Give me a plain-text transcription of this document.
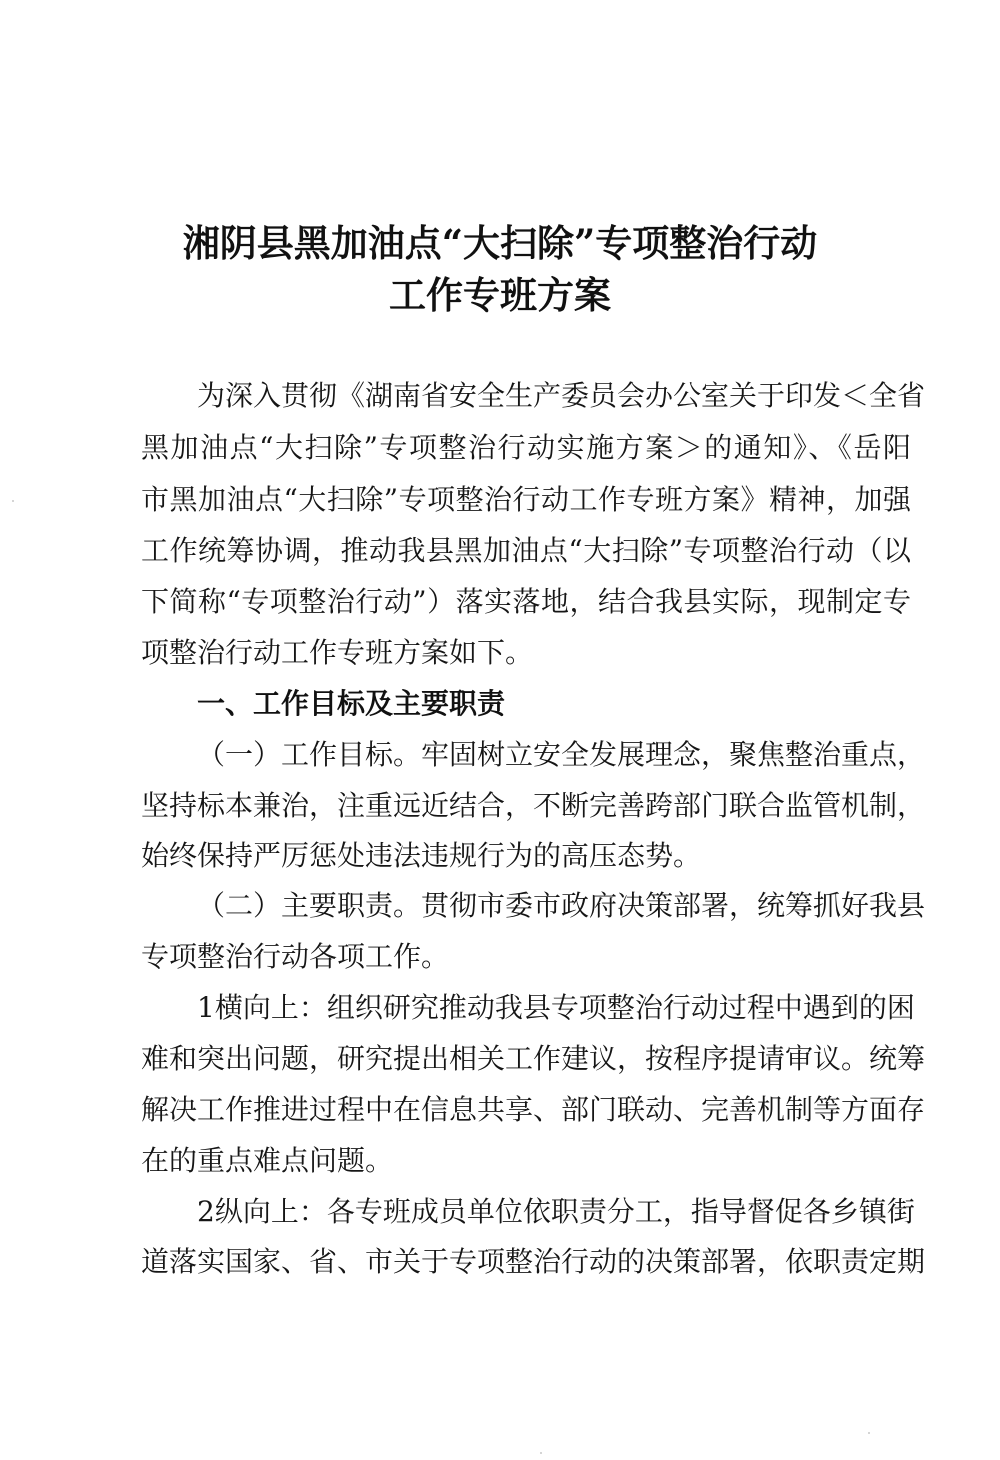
湘阴县黑加油点“大扫除”专项整治行动
工作专班方案
为深入贯彻《湖南省安全生产委员会办公室关于印发＜全省
黑加油点“大扫除”专项整治行动实施方案＞的通知》、《岳阳
市黑加油点“大扫除”专项整治行动工作专班方案》精神，加强
工作统筹协调，推动我县黑加油点“大扫除”专项整治行动（以
下简称“专项整治行动”）落实落地，结合我县实际，现制定专
项整治行动工作专班方案如下。
一、工作目标及主要职责
（一）工作目标。牢固树立安全发展理念，聚焦整治重点，
坚持标本兼治，注重远近结合，不断完善跨部门联合监管机制，
始终保持严厉惩处违法违规行为的高压态势。
（二）主要职责。贯彻市委市政府决策部署，统筹抓好我县
专项整治行动各项工作。
1横向上：组织研究推动我县专项整治行动过程中遇到的困
难和突出问题，研究提出相关工作建议，按程序提请审议。统筹
解决工作推进过程中在信息共享、部门联动、完善机制等方面存
在的重点难点问题。
2纵向上：各专班成员单位依职责分工，指导督促各乡镇街
道落实国家、省、市关于专项整治行动的决策部署，依职责定期
